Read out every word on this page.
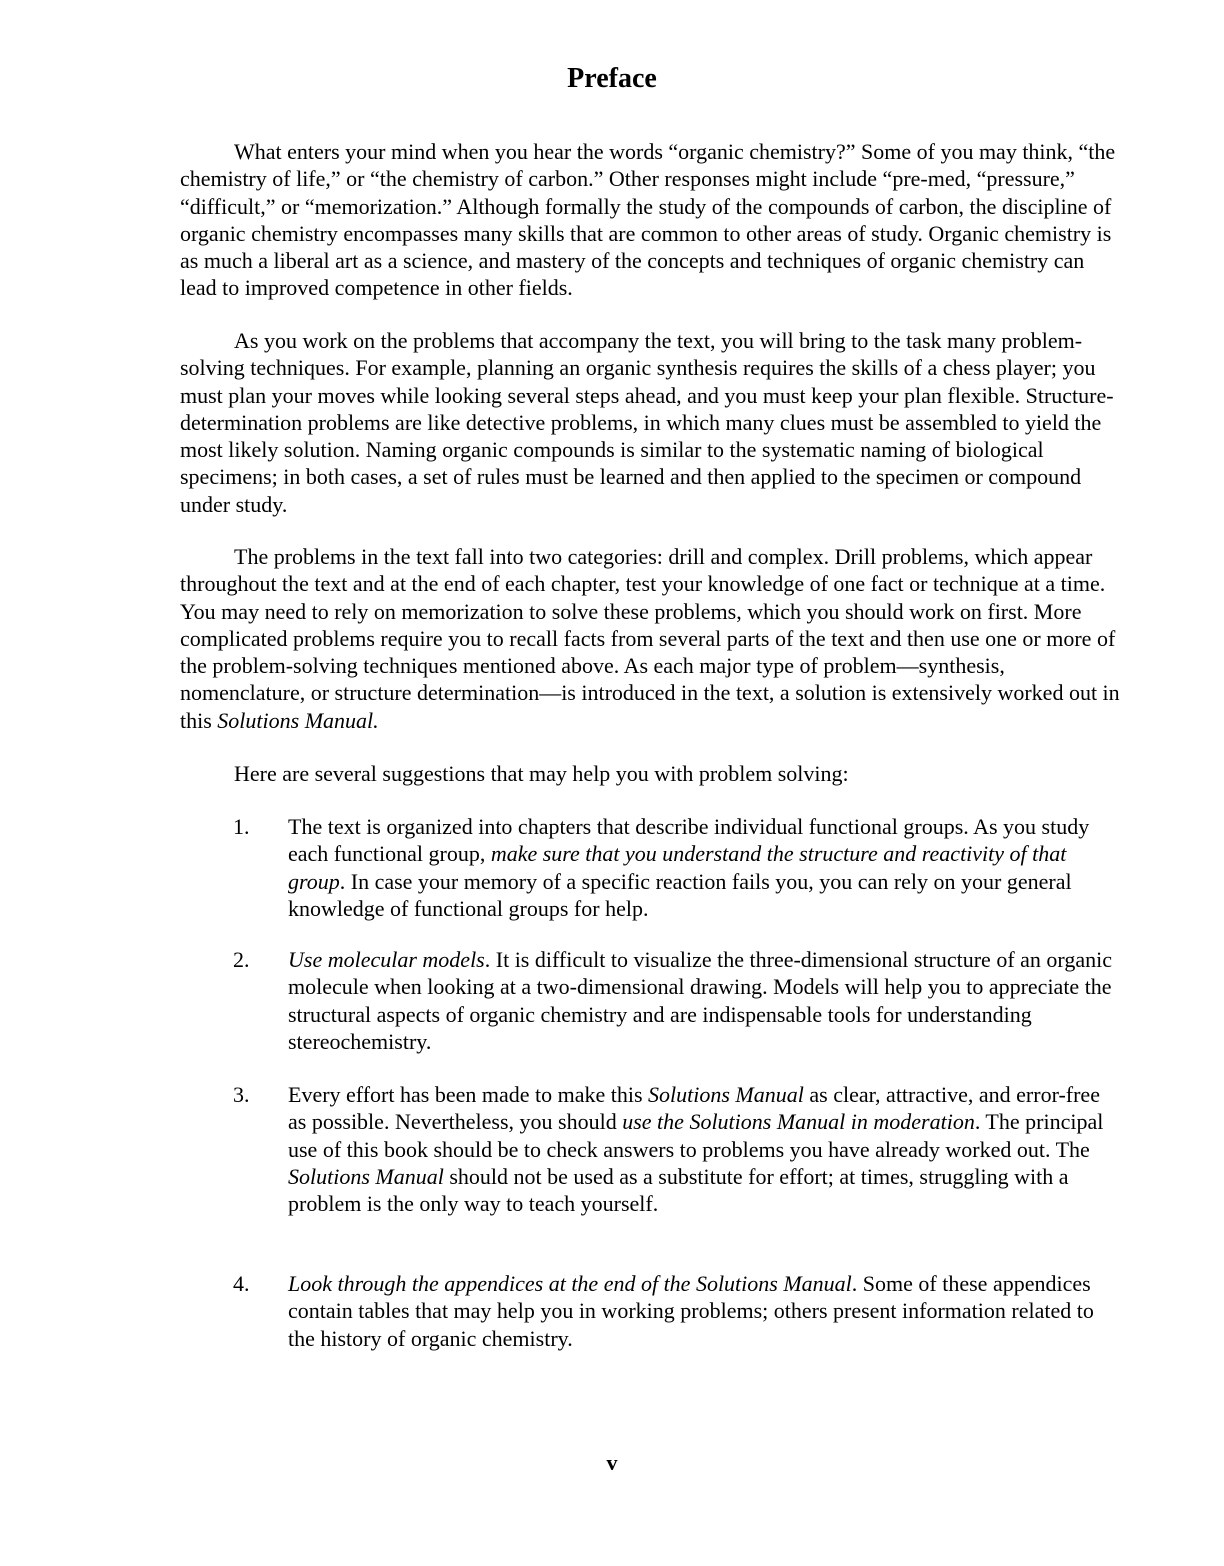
Preface

What enters your mind when you hear the words “organic chemistry?” Some of you may think, “the chemistry of life,” or “the chemistry of carbon.” Other responses might include “pre-med, “pressure,” “difficult,” or “memorization.” Although formally the study of the compounds of carbon, the discipline of organic chemistry encompasses many skills that are common to other areas of study. Organic chemistry is as much a liberal art as a science, and mastery of the concepts and techniques of organic chemistry can lead to improved competence in other fields.

As you work on the problems that accompany the text, you will bring to the task many problem-solving techniques. For example, planning an organic synthesis requires the skills of a chess player; you must plan your moves while looking several steps ahead, and you must keep your plan flexible. Structure-determination problems are like detective problems, in which many clues must be assembled to yield the most likely solution. Naming organic compounds is similar to the systematic naming of biological specimens; in both cases, a set of rules must be learned and then applied to the specimen or compound under study.

The problems in the text fall into two categories: drill and complex. Drill problems, which appear throughout the text and at the end of each chapter, test your knowledge of one fact or technique at a time. You may need to rely on memorization to solve these problems, which you should work on first. More complicated problems require you to recall facts from several parts of the text and then use one or more of the problem-solving techniques mentioned above. As each major type of problem—synthesis, nomenclature, or structure determination—is introduced in the text, a solution is extensively worked out in this Solutions Manual.

Here are several suggestions that may help you with problem solving:

1. The text is organized into chapters that describe individual functional groups. As you study each functional group, make sure that you understand the structure and reactivity of that group. In case your memory of a specific reaction fails you, you can rely on your general knowledge of functional groups for help.

2. Use molecular models. It is difficult to visualize the three-dimensional structure of an organic molecule when looking at a two-dimensional drawing. Models will help you to appreciate the structural aspects of organic chemistry and are indispensable tools for understanding stereochemistry.

3. Every effort has been made to make this Solutions Manual as clear, attractive, and error-free as possible. Nevertheless, you should use the Solutions Manual in moderation. The principal use of this book should be to check answers to problems you have already worked out. The Solutions Manual should not be used as a substitute for effort; at times, struggling with a problem is the only way to teach yourself.

4. Look through the appendices at the end of the Solutions Manual. Some of these appendices contain tables that may help you in working problems; others present information related to the history of organic chemistry.

v
